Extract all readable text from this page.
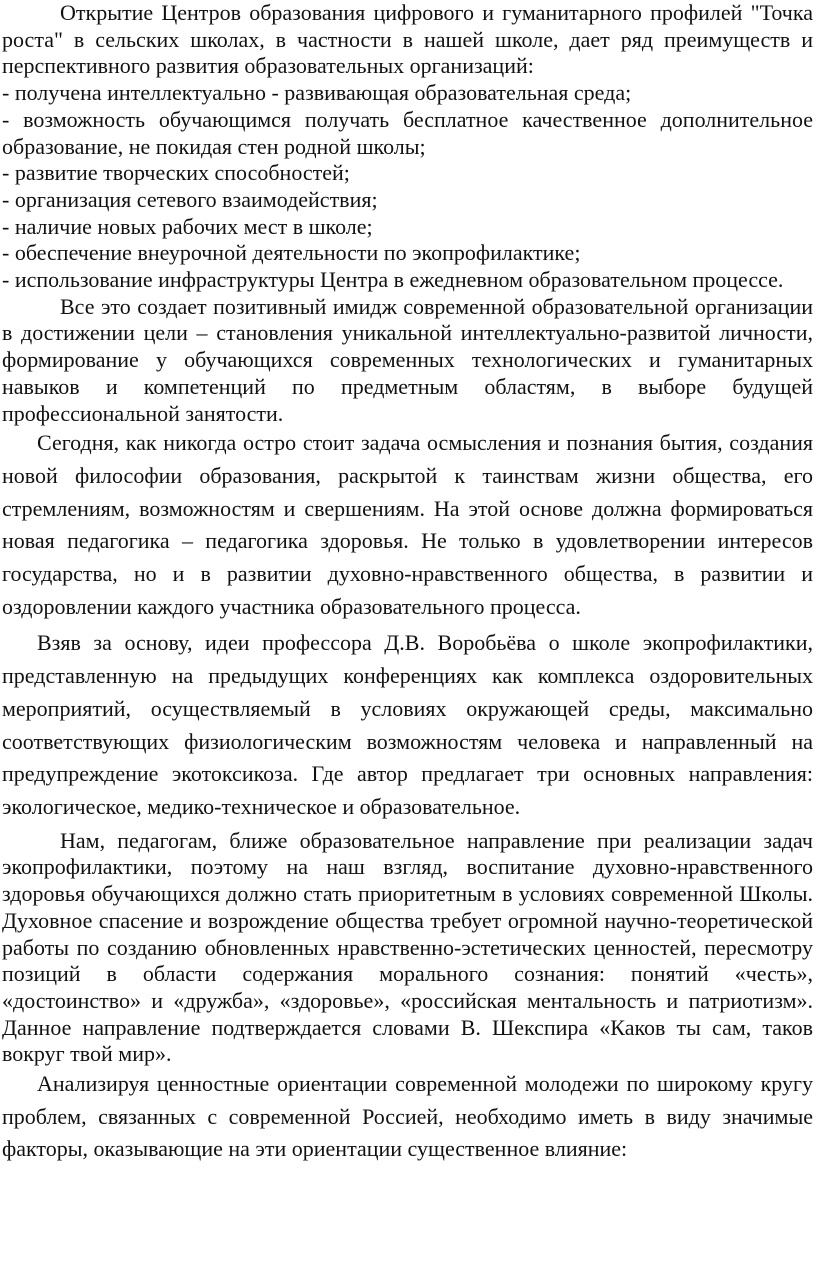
Открытие Центров образования цифрового и гуманитарного профилей "Точка роста" в сельских школах, в частности в нашей школе, дает ряд преимуществ и перспективного развития образовательных организаций:

- получена интеллектуально - развивающая образовательная среда;

- возможность обучающимся получать бесплатное качественное дополнительное образование, не покидая стен родной школы;

- развитие творческих способностей;

- организация сетевого взаимодействия;

- наличие новых рабочих мест в школе;

- обеспечение внеурочной деятельности по экопрофилактике;

- использование инфраструктуры Центра в ежедневном образовательном процессе.

Все это создает позитивный имидж современной образовательной организации в достижении цели – становления уникальной интеллектуально-развитой личности, формирование у обучающихся современных технологических и гуманитарных навыков и компетенций по предметным областям, в выборе будущей профессиональной занятости.

Сегодня, как никогда остро стоит задача осмысления и познания бытия, создания новой философии образования, раскрытой к таинствам жизни общества, его стремлениям, возможностям и свершениям. На этой основе должна формироваться новая педагогика – педагогика здоровья. Не только в удовлетворении интересов государства, но и в развитии духовно-нравственного общества, в развитии и оздоровлении каждого участника образовательного процесса.

Взяв за основу, идеи профессора Д.В. Воробьёва о школе экопрофилактики, представленную на предыдущих конференциях как комплекса оздоровительных мероприятий, осуществляемый в условиях окружающей среды, максимально соответствующих физиологическим возможностям человека и направленный на предупреждение экотоксикоза. Где автор предлагает три основных направления: экологическое, медико-техническое и образовательное.

Нам, педагогам, ближе образовательное направление при реализации задач экопрофилактики, поэтому на наш взгляд, воспитание духовно-нравственного здоровья обучающихся должно стать приоритетным в условиях современной Школы. Духовное спасение и возрождение общества требует огромной научно-теоретической работы по созданию обновленных нравственно-эстетических ценностей, пересмотру позиций в области содержания морального сознания: понятий «честь», «достоинство» и «дружба», «здоровье», «российская ментальность и патриотизм». Данное направление подтверждается словами В. Шекспира «Каков ты сам, таков вокруг твой мир».

Анализируя ценностные ориентации современной молодежи по широкому кругу проблем, связанных с современной Россией, необходимо иметь в виду значимые факторы, оказывающие на эти ориентации существенное влияние:
